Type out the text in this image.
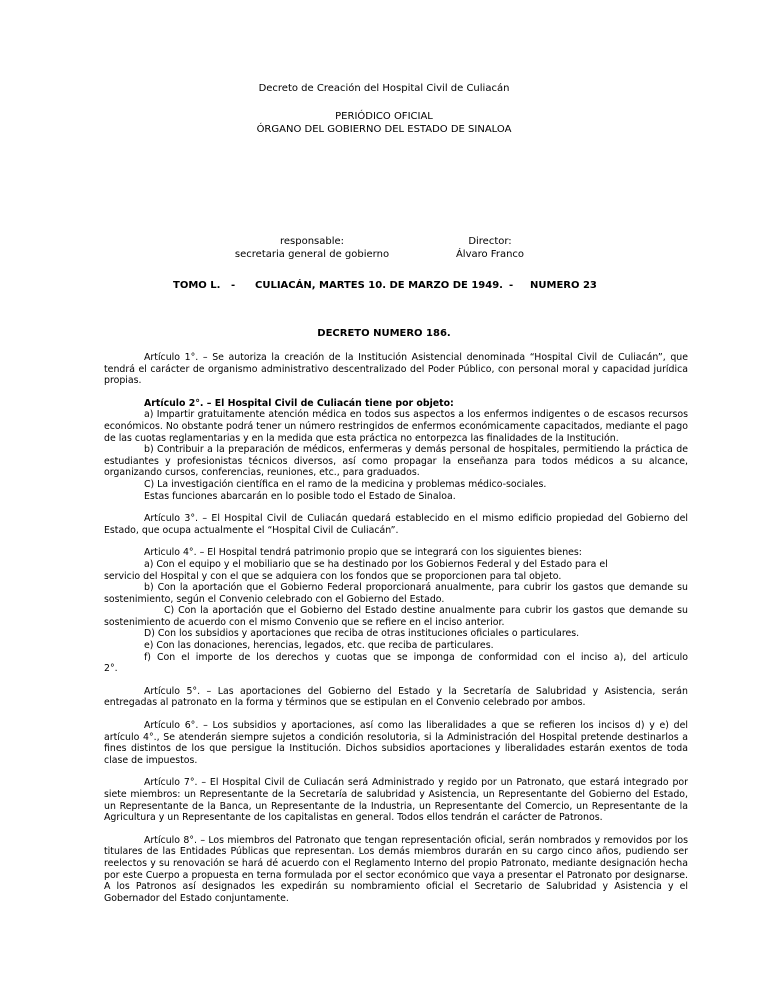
Decreto de Creación del Hospital Civil de Culiacán
PERIÓDICO OFICIAL
ÓRGANO DEL GOBIERNO DEL ESTADO DE SINALOA
responsable:
secretaria general de gobierno
Director:
Álvaro Franco
TOMO L. - CULIACÁN, MARTES 10. DE MARZO DE 1949. - NUMERO 23
DECRETO NUMERO 186.

Artículo 1°. – Se autoriza la creación de la Institución Asistencial denominada “Hospital Civil de Culiacán”, que tendrá el carácter de organismo administrativo descentralizado del Poder Público, con personal moral y capacidad jurídica propias.

Artículo 2°. – El Hospital Civil de Culiacán tiene por objeto:

a) Impartir gratuitamente atención médica en todos sus aspectos a los enfermos indigentes o de escasos recursos económicos. No obstante podrá tener un número restringidos de enfermos económicamente capacitados, mediante el pago de las cuotas reglamentarias y en la medida que esta práctica no entorpezca las finalidades de la Institución.

b) Contribuir a la preparación de médicos, enfermeras y demás personal de hospitales, permitiendo la práctica de estudiantes y profesionistas técnicos diversos, así como propagar la enseñanza para todos médicos a su alcance, organizando cursos, conferencias, reuniones, etc., para graduados.

C) La investigación científica en el ramo de la medicina y problemas médico-sociales.

Estas funciones abarcarán en lo posible todo el Estado de Sinaloa.

Artículo 3°. – El Hospital Civil de Culiacán quedará establecido en el mismo edificio propiedad del Gobierno del Estado, que ocupa actualmente el “Hospital Civil de Culiacán”.

Articulo 4°. – El Hospital tendrá patrimonio propio que se integrará con los siguientes bienes:

a) Con el equipo y el mobiliario que se ha destinado por los Gobiernos Federal y del Estado para el

servicio del Hospital y con el que se adquiera con los fondos que se proporcionen para tal objeto.

b) Con la aportación que el Gobierno Federal proporcionará anualmente, para cubrir los gastos que demande su sostenimiento, según el Convenio celebrado con el Gobierno del Estado.

C) Con la aportación que el Gobierno del Estado destine anualmente para cubrir los gastos que demande su sostenimiento de acuerdo con el mismo Convenio que se refiere en el inciso anterior.

D) Con los subsidios y aportaciones que reciba de otras instituciones oficiales o particulares.

e) Con las donaciones, herencias, legados, etc. que reciba de particulares.

f) Con el importe de los derechos y cuotas que se imponga de conformidad con el inciso a), del articulo

2°.

Artículo 5°. – Las aportaciones del Gobierno del Estado y la Secretaría de Salubridad y Asistencia, serán entregadas al patronato en la forma y términos que se estipulan en el Convenio celebrado por ambos.

Artículo 6°. – Los subsidios y aportaciones, así como las liberalidades a que se refieren los incisos d) y e) del artículo 4°., Se atenderán siempre sujetos a condición resolutoria, si la Administración del Hospital pretende destinarlos a fines distintos de los que persigue la Institución. Dichos subsidios aportaciones y liberalidades estarán exentos de toda clase de impuestos.

Artículo 7°. – El Hospital Civil de Culiacán será Administrado y regido por un Patronato, que estará integrado por siete miembros: un Representante de la Secretaría de salubridad y Asistencia, un Representante del Gobierno del Estado, un Representante de la Banca, un Representante de la Industria, un Representante del Comercio, un Representante de la Agricultura y un Representante de los capitalistas en general. Todos ellos tendrán el carácter de Patronos.

Artículo 8°. – Los miembros del Patronato que tengan representación oficial, serán nombrados y removidos por los titulares de las Entidades Públicas que representan. Los demás miembros durarán en su cargo cinco años, pudiendo ser reelectos y su renovación se hará dé acuerdo con el Reglamento Interno del propio Patronato, mediante designación hecha por este Cuerpo a propuesta en terna formulada por el sector económico que vaya a presentar el Patronato por designarse. A los Patronos así designados les expedirán su nombramiento oficial el Secretario de Salubridad y Asistencia y el Gobernador del Estado conjuntamente.
